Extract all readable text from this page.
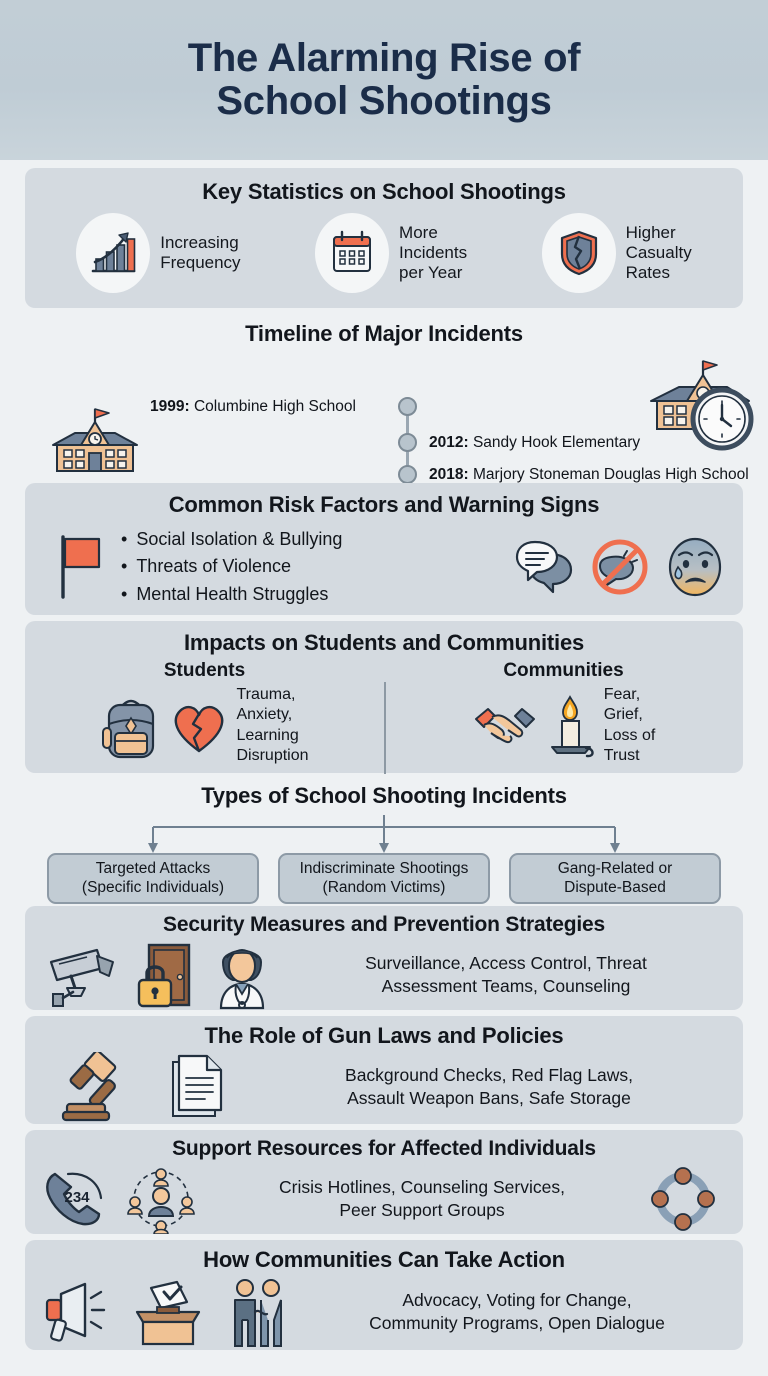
The Alarming Rise of
School Shootings
Key Statistics on School Shootings
Increasing
Frequency
More
Incidents
per Year
Higher
Casualty
Rates
Timeline of Major Incidents
1999: Columbine High School
2012: Sandy Hook Elementary
2018: Marjory Stoneman Douglas High School
Common Risk Factors and Warning Signs
• Social Isolation & Bullying
• Threats of Violence
• Mental Health Struggles
Impacts on Students and Communities
Students
Trauma,
Anxiety,
Learning
Disruption
Communities
Fear,
Grief,
Loss of
Trust
Types of School Shooting Incidents
Targeted Attacks
(Specific Individuals)
Indiscriminate Shootings
(Random Victims)
Gang-Related or
Dispute-Based
Security Measures and Prevention Strategies
Surveillance, Access Control, Threat
Assessment Teams, Counseling
The Role of Gun Laws and Policies
Background Checks, Red Flag Laws,
Assault Weapon Bans, Safe Storage
Support Resources for Affected Individuals
234
Crisis Hotlines, Counseling Services,
Peer Support Groups
How Communities Can Take Action
Advocacy, Voting for Change,
Community Programs, Open Dialogue
